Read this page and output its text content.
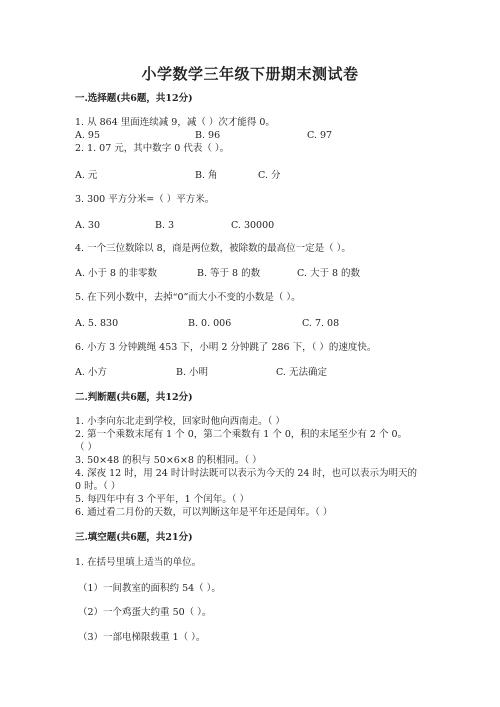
小学数学三年级下册期末测试卷
一.选择题(共6题，共12分)
1. 从 864 里面连续减 9，减（ ）次才能得 0。
A. 95	B. 96	C. 97
2. 1. 07 元，其中数字 0 代表（ ）。
A. 元	B. 角	C. 分
3. 300 平方分米=（ ）平方米。
A. 30	B. 3	C. 30000
4. 一个三位数除以 8，商是两位数，被除数的最高位一定是（ ）。
A. 小于 8 的非零数	B. 等于 8 的数	C. 大于 8 的数
5. 在下列小数中，去掉“0”而大小不变的小数是（ ）。
A. 5. 830	B. 0. 006	C. 7. 08
6. 小方 3 分钟跳绳 453 下，小明 2 分钟跳了 286 下，（ ）的速度快。
A. 小方	B. 小明	C. 无法确定
二.判断题(共6题，共12分)
1. 小李向东北走到学校，回家时他向西南走。（ ）
2. 第一个乘数末尾有 1 个 0，第二个乘数有 1 个 0，积的末尾至少有 2 个 0。
（ ）
3. 50×48 的积与 50×6×8 的积相同。（ ）
4. 深夜 12 时，用 24 时计时法既可以表示为今天的 24 时，也可以表示为明天的
0 时。（ ）
5. 每四年中有 3 个平年，1 个闰年。（ ）
6. 通过看二月份的天数，可以判断这年是平年还是闰年。（ ）
三.填空题(共6题，共21分)
1. 在括号里填上适当的单位。
（1）一间教室的面积约 54（ ）。
（2）一个鸡蛋大约重 50（ ）。
（3）一部电梯限载重 1（ ）。
